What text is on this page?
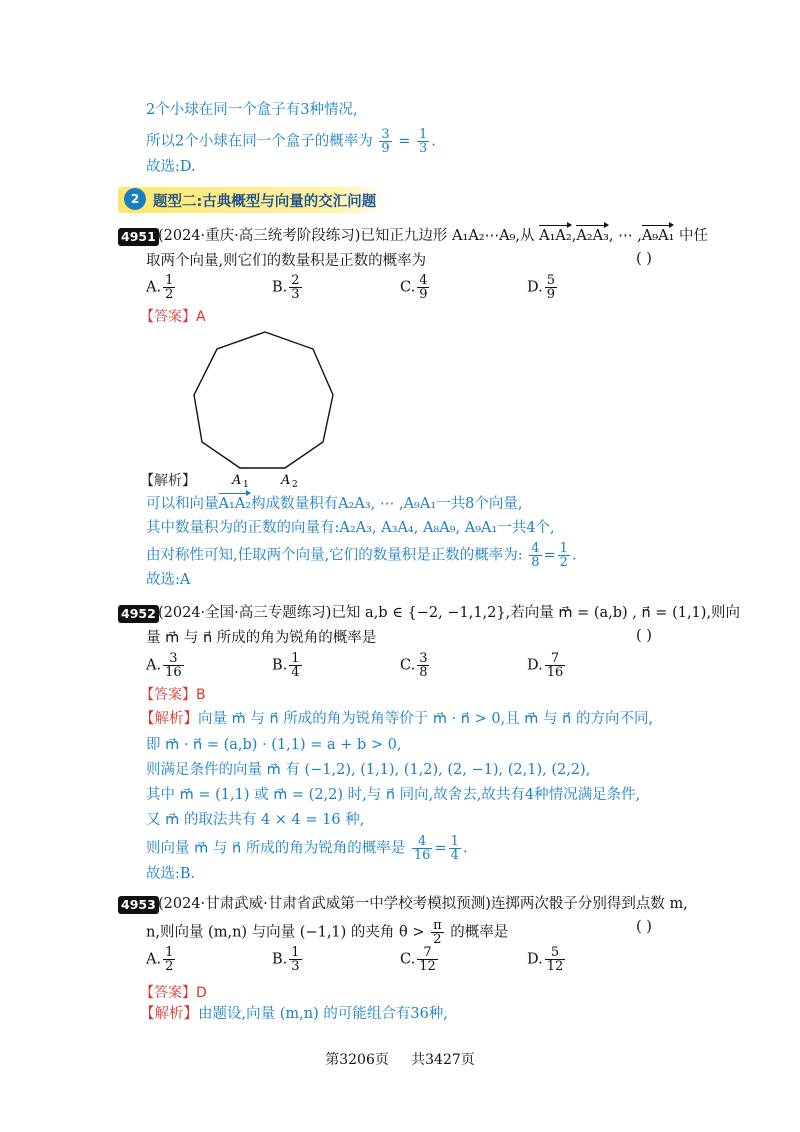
2个小球在同一个盒子有3种情况,
所以2个小球在同一个盒子的概率为 $\frac{3}{9} = \frac{1}{3}$ .
故选:D.
2 题型二:古典概型与向量的交汇问题
4951 (2024·重庆·高三统考阶段练习)已知正九边形 A₁A₂⋯A₉,从 A₁A₂,A₂A₃, ⋯ ,A₉A₁ 中任
取两个向量,则它们的数量积是正数的概率为	( )
A. $\frac{1}{2}$	B. $\frac{2}{3}$	C. $\frac{4}{9}$	D. $\frac{5}{9}$
【答案】A
A 1 A 2
【解析】
可以和向量A₁A₂构成数量积有A₂A₃, ⋯ ,A₉A₁一共8个向量,
其中数量积为的正数的向量有:A₂A₃, A₃A₄, A₈A₉, A₉A₁一共4个,
由对称性可知,任取两个向量,它们的数量积是正数的概率为: $\frac{4}{8} = \frac{1}{2}$ .
故选:A
4952 (2024·全国·高三专题练习)已知 a,b ∈ {−2, −1,1,2},若向量 m⃗ = (a,b) , n⃗ = (1,1),则向
量 m⃗ 与 n⃗ 所成的角为锐角的概率是	( )
A. $\frac{3}{16}$	B. $\frac{1}{4}$	C. $\frac{3}{8}$	D. $\frac{7}{16}$
【答案】B
【解析】向量 m⃗ 与 n⃗ 所成的角为锐角等价于 m⃗ · n⃗ > 0,且 m⃗ 与 n⃗ 的方向不同,
即 m⃗ · n⃗ = (a,b) · (1,1) = a + b > 0,
则满足条件的向量 m⃗ 有 (−1,2), (1,1), (1,2), (2, −1), (2,1), (2,2),
其中 m⃗ = (1,1) 或 m⃗ = (2,2) 时,与 n⃗ 同向,故舍去,故共有4种情况满足条件,
又 m⃗ 的取法共有 4 × 4 = 16 种,
则向量 m⃗ 与 n⃗ 所成的角为锐角的概率是 $\frac{4}{16} = \frac{1}{4}$ .
故选:B.
4953 (2024·甘肃武威·甘肃省武威第一中学校考模拟预测)连掷两次骰子分别得到点数 m,
n,则向量 (m,n) 与向量 (−1,1) 的夹角 $\theta > \frac{\pi}{2}$ 的概率是	( )
A. $\frac{1}{2}$	B. $\frac{1}{3}$	C. $\frac{7}{12}$	D. $\frac{5}{12}$
【答案】D
【解析】由题设,向量 (m,n) 的可能组合有36种,
第3206页 共3427页
